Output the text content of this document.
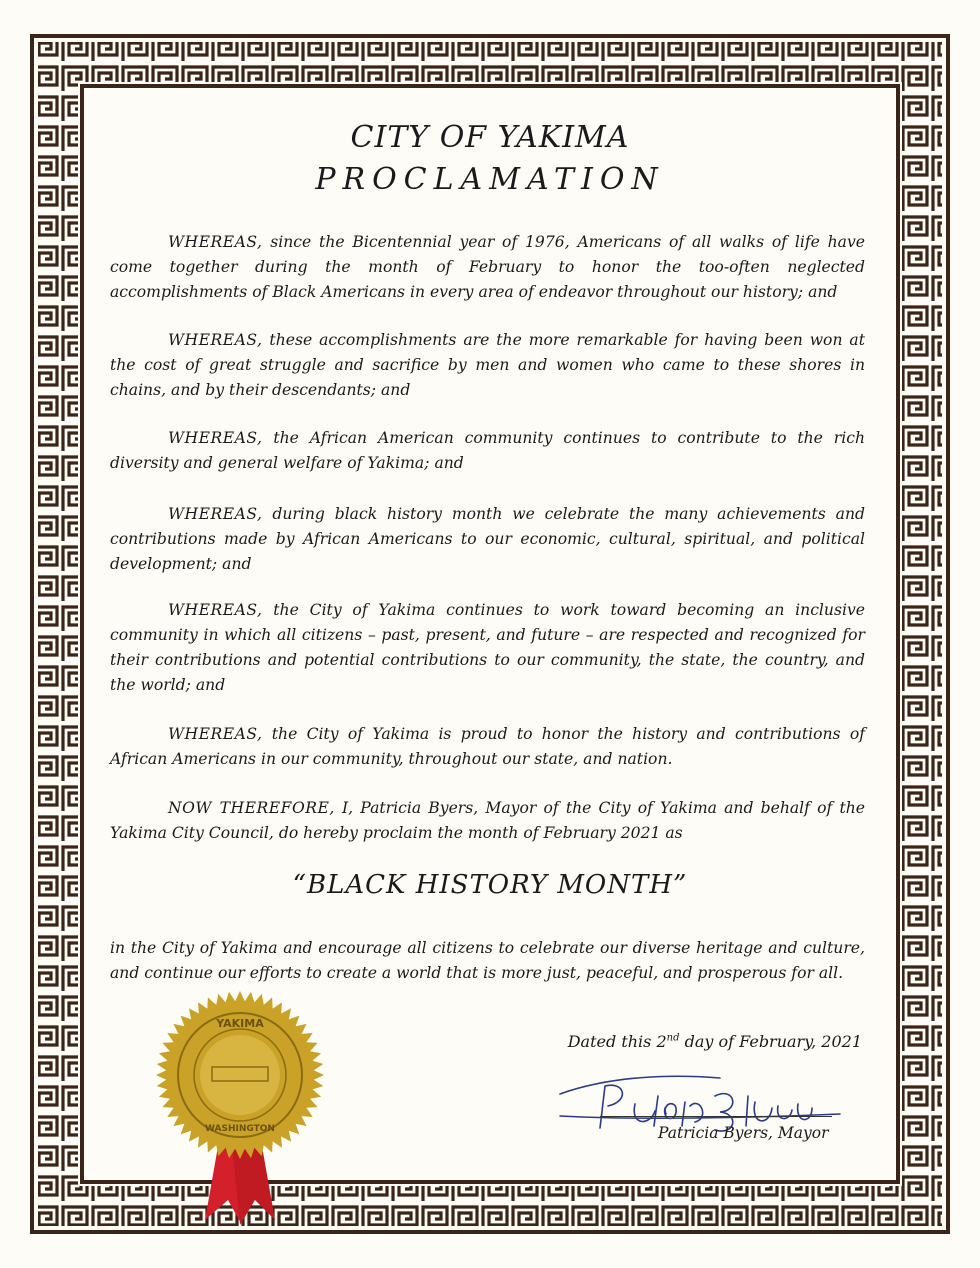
CITY OF YAKIMA
PROCLAMATION
WHEREAS, since the Bicentennial year of 1976, Americans of all walks of life have come together during the month of February to honor the too-often neglected accomplishments of Black Americans in every area of endeavor throughout our history; and
WHEREAS, these accomplishments are the more remarkable for having been won at the cost of great struggle and sacrifice by men and women who came to these shores in chains, and by their descendants; and
WHEREAS, the African American community continues to contribute to the rich diversity and general welfare of Yakima; and
WHEREAS, during black history month we celebrate the many achievements and contributions made by African Americans to our economic, cultural, spiritual, and political development; and
WHEREAS, the City of Yakima continues to work toward becoming an inclusive community in which all citizens – past, present, and future – are respected and recognized for their contributions and potential contributions to our community, the state, the country, and the world; and
WHEREAS, the City of Yakima is proud to honor the history and contributions of African Americans in our community, throughout our state, and nation.
NOW THEREFORE, I, Patricia Byers, Mayor of the City of Yakima and behalf of the Yakima City Council, do hereby proclaim the month of February 2021 as
“BLACK HISTORY MONTH”
in the City of Yakima and encourage all citizens to celebrate our diverse heritage and culture, and continue our efforts to create a world that is more just, peaceful, and prosperous for all.
Dated this 2nd day of February, 2021
Patricia Byers, Mayor
YAKIMA
WASHINGTON
